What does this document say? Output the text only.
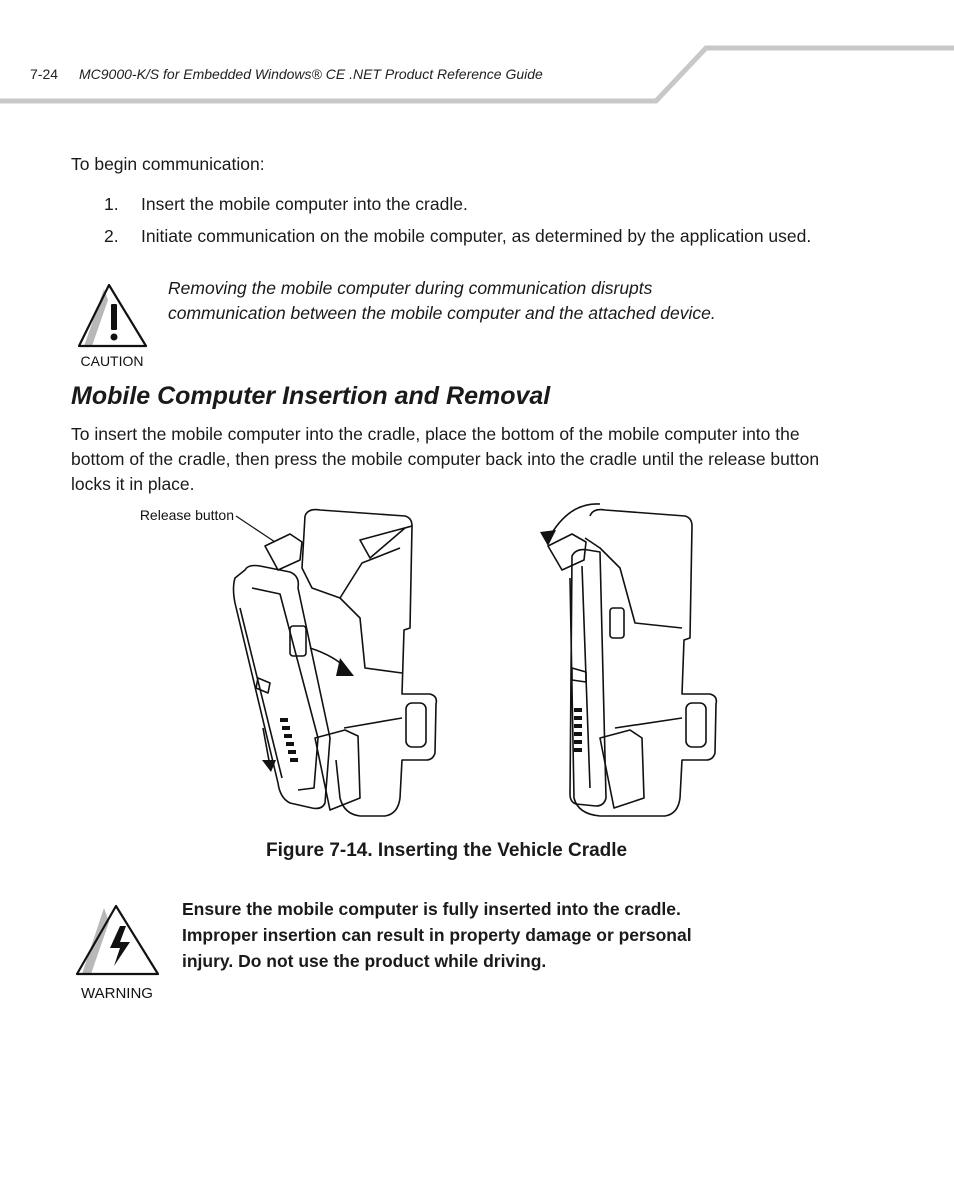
7-24 MC9000-K/S for Embedded Windows® CE .NET Product Reference Guide
To begin communication:
1.	Insert the mobile computer into the cradle.
2.	Initiate communication on the mobile computer, as determined by the application used.
CAUTION
Removing the mobile computer during communication disrupts communication between the mobile computer and the attached device.
Mobile Computer Insertion and Removal

To insert the mobile computer into the cradle, place the bottom of the mobile computer into the bottom of the cradle, then press the mobile computer back into the cradle until the release button locks it in place.

Release button
Figure 7-14. Inserting the Vehicle Cradle
WARNING
Ensure the mobile computer is fully inserted into the cradle. Improper insertion can result in property damage or personal injury. Do not use the product while driving.
